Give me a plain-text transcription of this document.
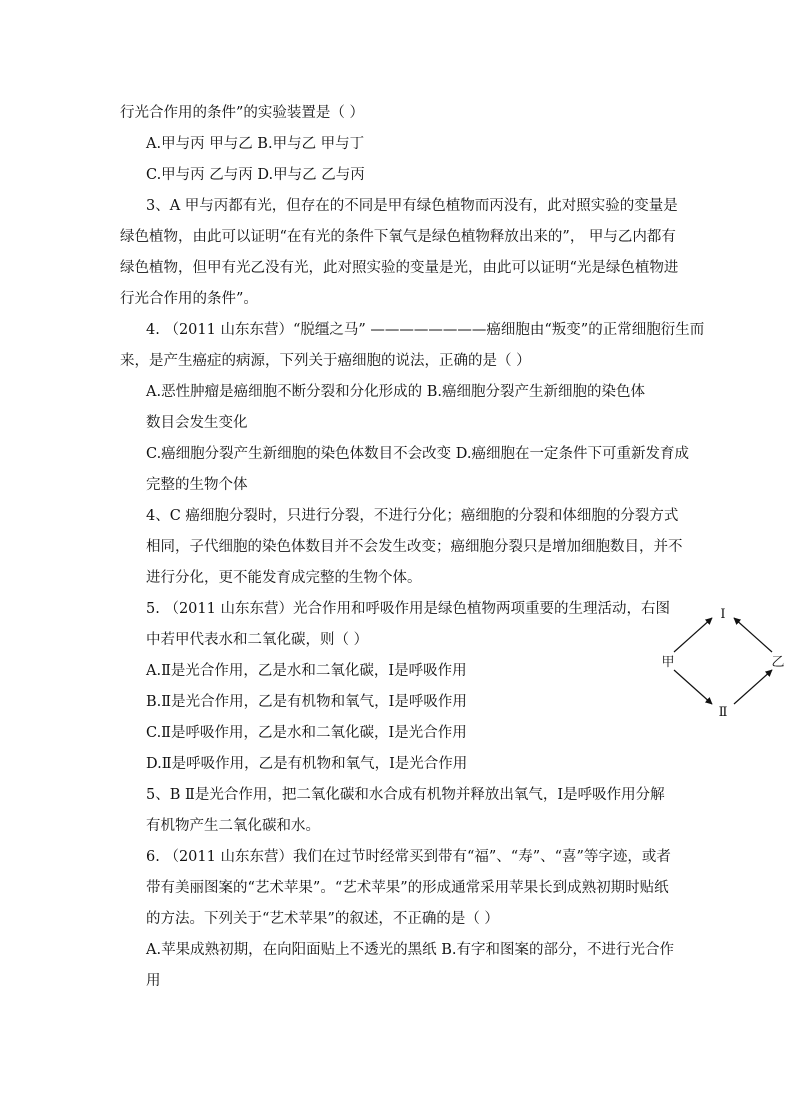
行光合作用的条件”的实验装置是（ ）
A.甲与丙 甲与乙 B.甲与乙 甲与丁
C.甲与丙 乙与丙 D.甲与乙 乙与丙
3、A 甲与丙都有光，但存在的不同是甲有绿色植物而丙没有，此对照实验的变量是
绿色植物，由此可以证明“在有光的条件下氧气是绿色植物释放出来的”， 甲与乙内都有
绿色植物，但甲有光乙没有光，此对照实验的变量是光，由此可以证明“光是绿色植物进
行光合作用的条件”。
4. （2011 山东东营）“脱缰之马” ————————癌细胞由“叛变”的正常细胞衍生而
来，是产生癌症的病源，下列关于癌细胞的说法，正确的是（ ）
A.恶性肿瘤是癌细胞不断分裂和分化形成的 B.癌细胞分裂产生新细胞的染色体
数目会发生变化
C.癌细胞分裂产生新细胞的染色体数目不会改变 D.癌细胞在一定条件下可重新发育成
完整的生物个体
4、C 癌细胞分裂时，只进行分裂，不进行分化；癌细胞的分裂和体细胞的分裂方式
相同，子代细胞的染色体数目并不会发生改变；癌细胞分裂只是增加细胞数目，并不
进行分化，更不能发育成完整的生物个体。
5. （2011 山东东营）光合作用和呼吸作用是绿色植物两项重要的生理活动，右图
中若甲代表水和二氧化碳，则（ ）
A.Ⅱ是光合作用，乙是水和二氧化碳，Ⅰ是呼吸作用
B.Ⅱ是光合作用，乙是有机物和氧气，Ⅰ是呼吸作用
C.Ⅱ是呼吸作用，乙是水和二氧化碳，Ⅰ是光合作用
D.Ⅱ是呼吸作用，乙是有机物和氧气，Ⅰ是光合作用
5、B Ⅱ是光合作用，把二氧化碳和水合成有机物并释放出氧气，Ⅰ是呼吸作用分解
有机物产生二氧化碳和水。
6. （2011 山东东营）我们在过节时经常买到带有“福”、“寿”、“喜”等字迹，或者
带有美丽图案的“艺术苹果”。“艺术苹果”的形成通常采用苹果长到成熟初期时贴纸
的方法。下列关于“艺术苹果”的叙述，不正确的是（ ）
A.苹果成熟初期，在向阳面贴上不透光的黑纸 B.有字和图案的部分，不进行光合作
用
Ⅰ
甲	乙
Ⅱ
